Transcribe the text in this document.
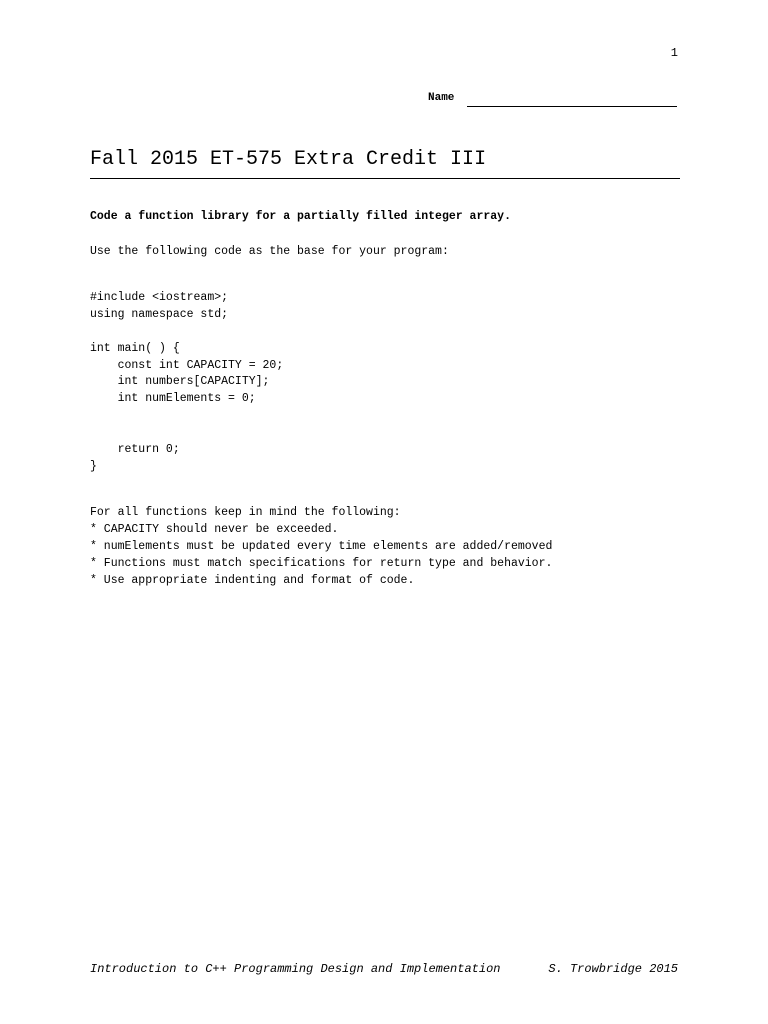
1
Name
Fall 2015 ET-575 Extra Credit III

Code a function library for a partially filled integer array.

Use the following code as the base for your program:

#include <iostream>;
using namespace std;
int main( ) {
const int CAPACITY = 20;
int numbers[CAPACITY];
int numElements = 0;
return 0;
}
For all functions keep in mind the following:
* CAPACITY should never be exceeded.
* numElements must be updated every time elements are added/removed
* Functions must match specifications for return type and behavior.
* Use appropriate indenting and format of code.
Introduction to C++ Programming Design and Implementation	S. Trowbridge 2015
